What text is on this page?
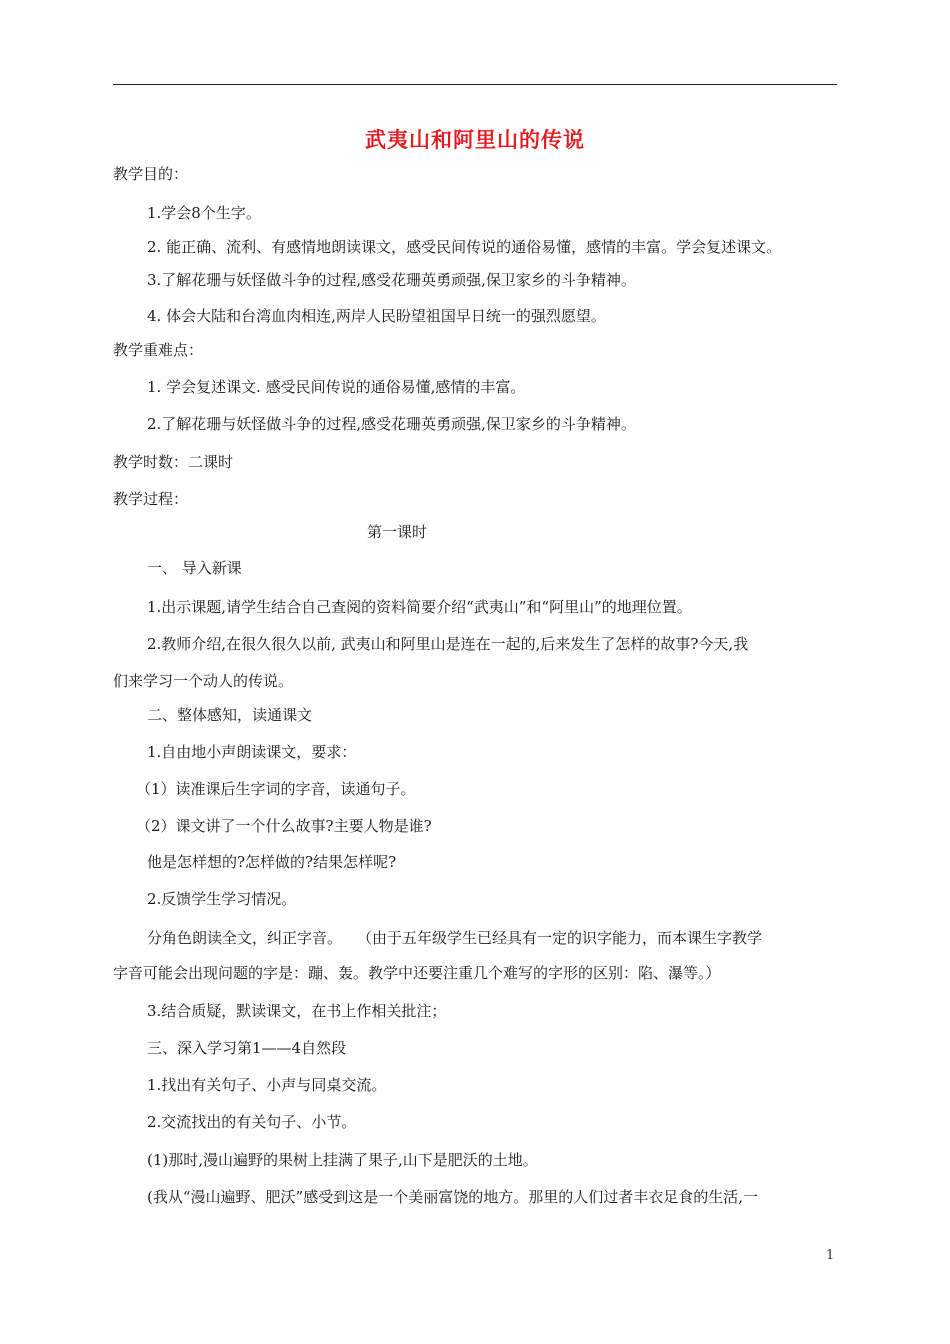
武夷山和阿里山的传说
教学目的：
1.学会8个生字。
2. 能正确、流利、有感情地朗读课文，感受民间传说的通俗易懂，感情的丰富。学会复述课文。
3.了解花珊与妖怪做斗争的过程,感受花珊英勇顽强,保卫家乡的斗争精神。
4. 体会大陆和台湾血肉相连,两岸人民盼望祖国早日统一的强烈愿望。
教学重难点：
1. 学会复述课文. 感受民间传说的通俗易懂,感情的丰富。
2.了解花珊与妖怪做斗争的过程,感受花珊英勇顽强,保卫家乡的斗争精神。
教学时数：二课时
教学过程：
第一课时
一、 导入新课
1.出示课题,请学生结合自己查阅的资料简要介绍“武夷山”和“阿里山”的地理位置。
2.教师介绍,在很久很久以前, 武夷山和阿里山是连在一起的,后来发生了怎样的故事?今天,我
们来学习一个动人的传说。
二、整体感知，读通课文
1.自由地小声朗读课文，要求：
（1）读准课后生字词的字音，读通句子。
（2）课文讲了一个什么故事?主要人物是谁?
他是怎样想的?怎样做的?结果怎样呢?
2.反馈学生学习情况。
分角色朗读全文，纠正字音。　　（由于五年级学生已经具有一定的识字能力，而本课生字教学
字音可能会出现问题的字是：蹦、轰。教学中还要注重几个难写的字形的区别：陷、瀑等。）
3.结合质疑，默读课文，在书上作相关批注；
三、深入学习第1——4自然段
1.找出有关句子、小声与同桌交流。
2.交流找出的有关句子、小节。
(1)那时,漫山遍野的果树上挂满了果子,山下是肥沃的土地。
(我从“漫山遍野、肥沃”感受到这是一个美丽富饶的地方。那里的人们过者丰衣足食的生活,一
1
